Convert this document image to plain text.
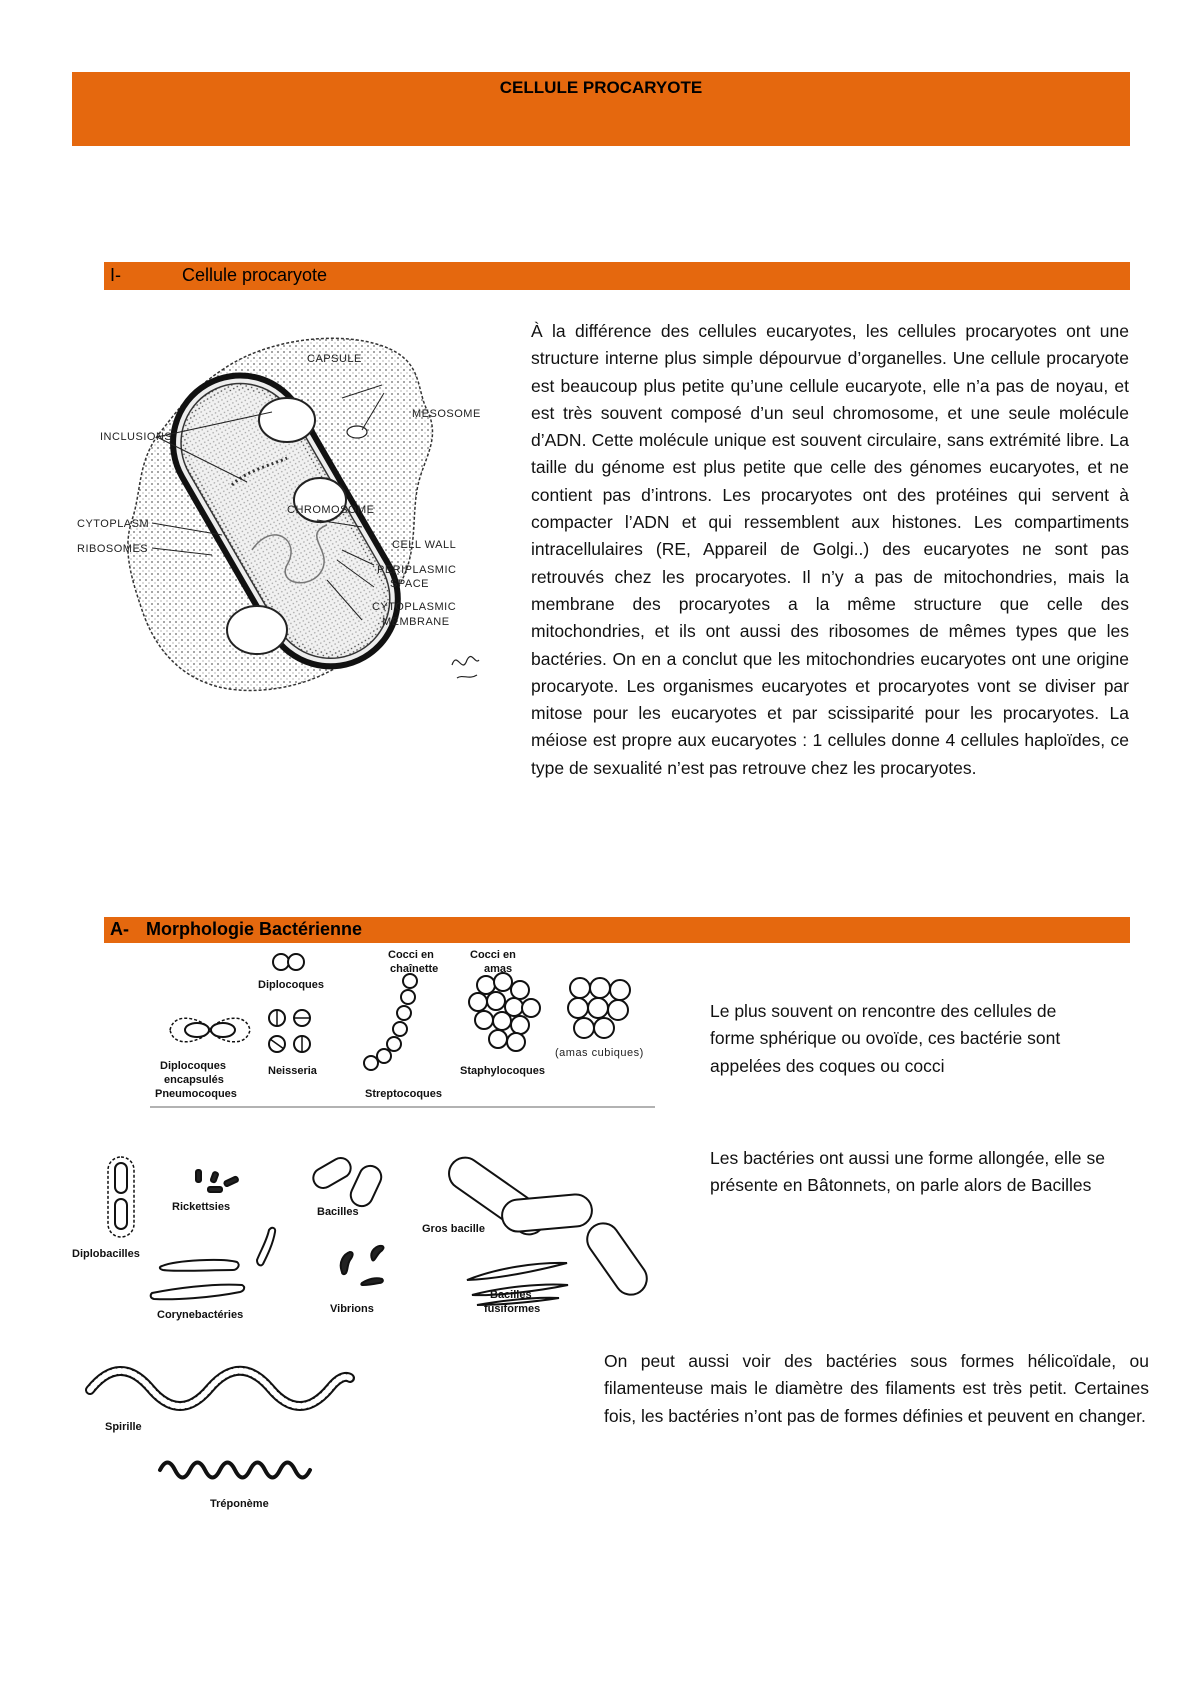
CELLULE PROCARYOTE
I-	Cellule procaryote
CAPSULE
MESOSOME
INCLUSIONS
CHROMOSOME
CYTOPLASM
RIBOSOMES	CELL WALL
PERIPLASMIC
SPACE
CYTOPLASMIC
MEMBRANE
À la différence des cellules eucaryotes, les cellules procaryotes ont une structure interne plus simple dépourvue d’organelles. Une cellule procaryote est beaucoup plus petite qu’une cellule eucaryote, elle n’a pas de noyau, et est très souvent composé d’un seul chromosome, et une seule molécule d’ADN. Cette molécule unique est souvent circulaire, sans extrémité libre. La taille du génome est plus petite que celle des génomes eucaryotes, et ne contient pas d’introns. Les procaryotes ont des protéines qui servent à compacter l’ADN et qui ressemblent aux histones. Les compartiments intracellulaires (RE, Appareil de Golgi..) des eucaryotes ne sont pas retrouvés chez les procaryotes. Il n’y a pas de mitochondries, mais la membrane des procaryotes a la même structure que celle des mitochondries, et ils ont aussi des ribosomes de mêmes types que les bactéries. On en a conclut que les mitochondries eucaryotes ont une origine procaryote. Les organismes eucaryotes et procaryotes vont se diviser par mitose pour les eucaryotes et par scissiparité pour les procaryotes. La méiose est propre aux eucaryotes : 1 cellules donne 4 cellules haploïdes, ce type de sexualité n’est pas retrouve chez les procaryotes.
A- Morphologie Bactérienne
Diplocoques
Cocci en
chaînette
Cocci en
amas
Diplocoques
encapsulés
Pneumocoques
Neisseria
Streptocoques
Staphylocoques
(amas cubiques)
Le plus souvent on rencontre des cellules de forme sphérique ou ovoïde, ces bactérie sont appelées des coques ou cocci
Diplobacilles
Rickettsies	Bacilles
Gros bacille
Corynebactéries	Vibrions
Bacilles
fusiformes
Les bactéries ont aussi une forme allongée, elle se présente en Bâtonnets, on parle alors de Bacilles
Spirille
Tréponème
On peut aussi voir des bactéries sous formes hélicoïdale, ou filamenteuse mais le diamètre des filaments est très petit. Certaines fois, les bactéries n’ont pas de formes définies et peuvent en changer.
